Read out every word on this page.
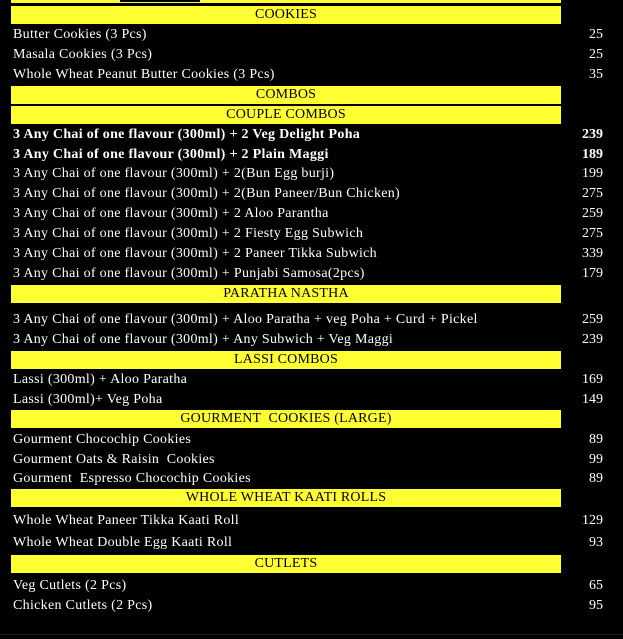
COOKIES
Butter Cookies (3 Pcs)	25
Masala Cookies (3 Pcs)	25
Whole Wheat Peanut Butter Cookies (3 Pcs)	35
COMBOS
COUPLE COMBOS
3 Any Chai of one flavour (300ml) + 2 Veg Delight Poha	239
3 Any Chai of one flavour (300ml) + 2 Plain Maggi	189
3 Any Chai of one flavour (300ml) + 2(Bun Egg burji)	199
3 Any Chai of one flavour (300ml) + 2(Bun Paneer/Bun Chicken)	275
3 Any Chai of one flavour (300ml) + 2 Aloo Parantha	259
3 Any Chai of one flavour (300ml) + 2 Fiesty Egg Subwich	275
3 Any Chai of one flavour (300ml) + 2 Paneer Tikka Subwich	339
3 Any Chai of one flavour (300ml) + Punjabi Samosa(2pcs)	179
PARATHA NASTHA
3 Any Chai of one flavour (300ml) + Aloo Paratha + veg Poha + Curd + Pickel	259
3 Any Chai of one flavour (300ml) + Any Subwich + Veg Maggi	239
LASSI COMBOS
Lassi (300ml) + Aloo Paratha	169
Lassi (300ml)+ Veg Poha	149
GOURMENT  COOKIES (LARGE)
Gourment Chocochip Cookies	89
Gourment Oats & Raisin  Cookies	99
Gourment  Espresso Chocochip Cookies	89
WHOLE WHEAT KAATI ROLLS
Whole Wheat Paneer Tikka Kaati Roll	129
Whole Wheat Double Egg Kaati Roll	93
CUTLETS
Veg Cutlets (2 Pcs)	65
Chicken Cutlets (2 Pcs)	95
